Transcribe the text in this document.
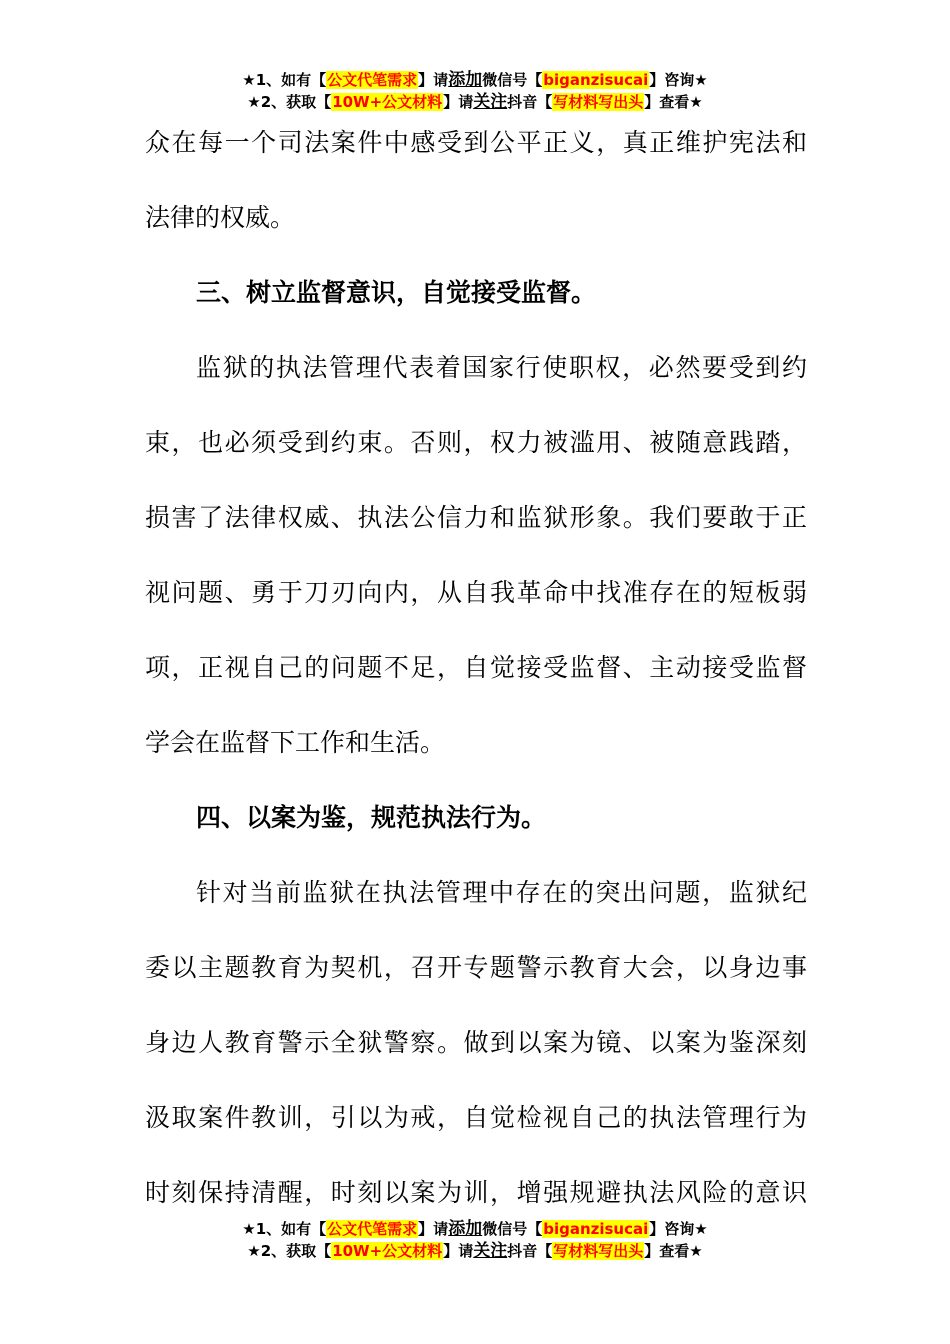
★1、如有【公文代笔需求】请添加微信号【biganzisucai】咨询★
★2、获取【10W+公文材料】请关注抖音【写材料写出头】查看★

众在每一个司法案件中感受到公平正义，真正维护宪法和
法律的权威。

三、树立监督意识，自觉接受监督。

监狱的执法管理代表着国家行使职权，必然要受到约
束，也必须受到约束。否则，权力被滥用、被随意践踏，
损害了法律权威、执法公信力和监狱形象。我们要敢于正
视问题、勇于刀刃向内，从自我革命中找准存在的短板弱
项，正视自己的问题不足，自觉接受监督、主动接受监督
学会在监督下工作和生活。

四、以案为鉴，规范执法行为。

针对当前监狱在执法管理中存在的突出问题，监狱纪
委以主题教育为契机，召开专题警示教育大会，以身边事
身边人教育警示全狱警察。做到以案为镜、以案为鉴深刻
汲取案件教训，引以为戒，自觉检视自己的执法管理行为
时刻保持清醒，时刻以案为训，增强规避执法风险的意识

★1、如有【公文代笔需求】请添加微信号【biganzisucai】咨询★
★2、获取【10W+公文材料】请关注抖音【写材料写出头】查看★
